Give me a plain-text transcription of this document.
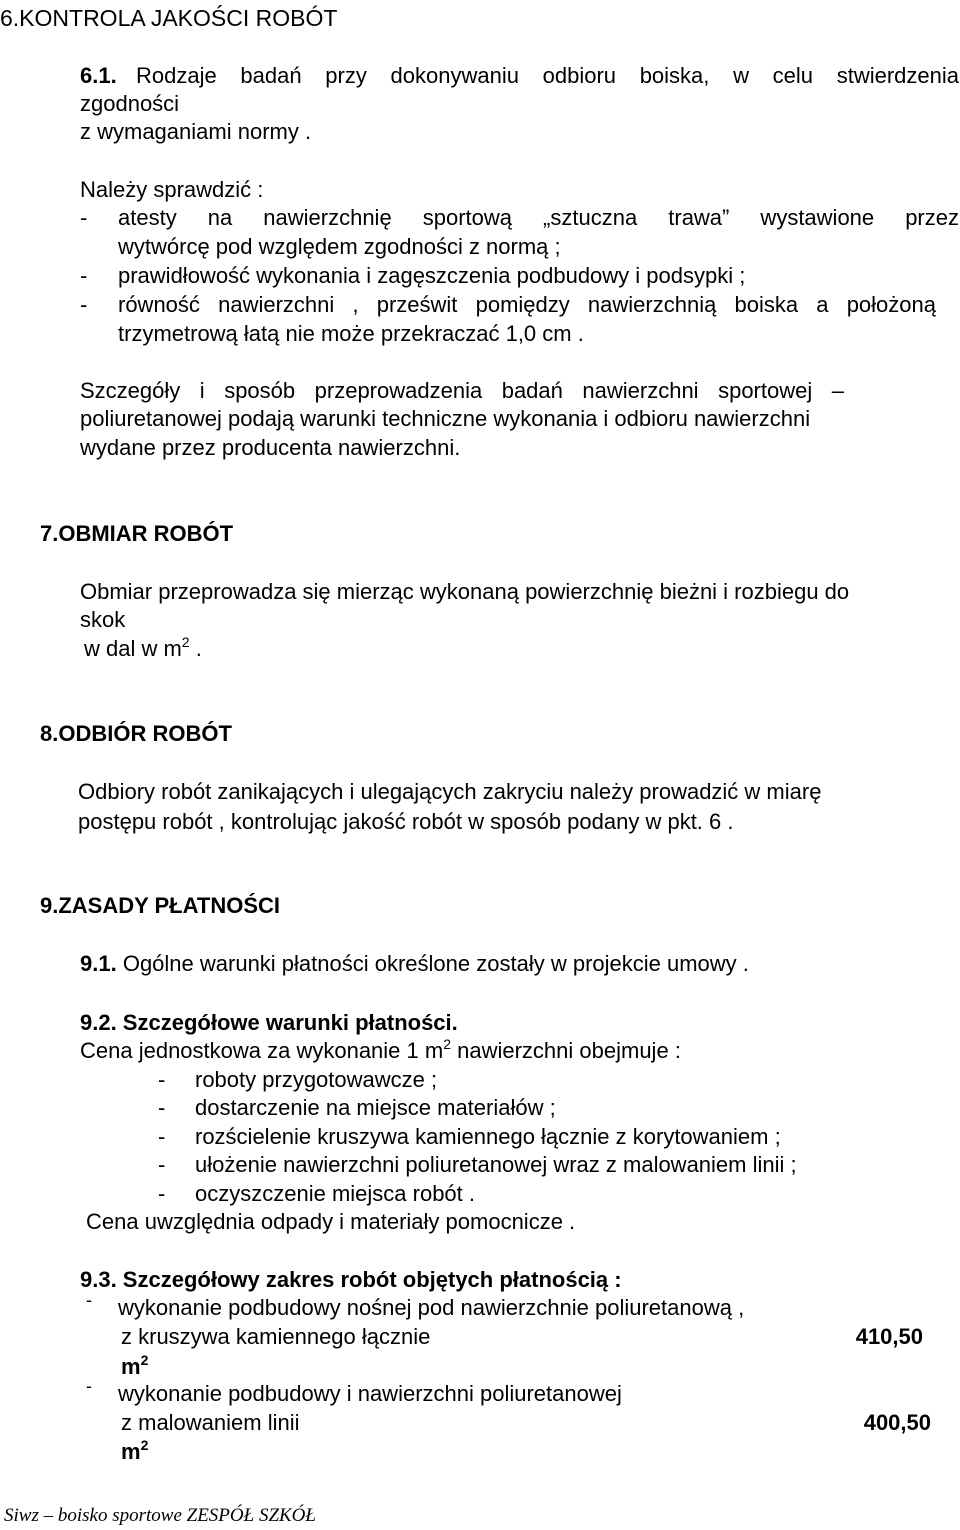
6.KONTROLA JAKOŚCI ROBÓT
6.1. Rodzaje badań przy dokonywaniu odbioru boiska, w celu stwierdzenia
zgodności
z wymaganiami normy .
Należy sprawdzić :
- atesty na nawierzchnię sportową „sztuczna trawa” wystawione przez
wytwórcę pod względem zgodności z normą ;
- prawidłowość wykonania i zagęszczenia podbudowy i podsypki ;
- równość nawierzchni , prześwit pomiędzy nawierzchnią boiska a położoną
trzymetrową łatą nie może przekraczać 1,0 cm .
Szczegóły i sposób przeprowadzenia badań nawierzchni sportowej –
poliuretanowej podają warunki techniczne wykonania i odbioru nawierzchni
wydane przez producenta nawierzchni.
7.OBMIAR ROBÓT
Obmiar przeprowadza się mierząc wykonaną powierzchnię bieżni i rozbiegu do
skok
w dal w $m^2$ .
8.ODBIÓR ROBÓT
Odbiory robót zanikających i ulegających zakryciu należy prowadzić w miarę
postępu robót , kontrolując jakość robót w sposób podany w pkt. 6 .
9.ZASADY PŁATNOŚCI
9.1. Ogólne warunki płatności określone zostały w projekcie umowy .
9.2. Szczegółowe warunki płatności.
Cena jednostkowa za wykonanie 1 $m^2$ nawierzchni obejmuje :
- roboty przygotowawcze ;
- dostarczenie na miejsce materiałów ;
- rozścielenie kruszywa kamiennego łącznie z korytowaniem ;
- ułożenie nawierzchni poliuretanowej wraz z malowaniem linii ;
- oczyszczenie miejsca robót .
Cena uwzględnia odpady i materiały pomocnicze .
9.3. Szczegółowy zakres robót objętych płatnością :
- wykonanie podbudowy nośnej pod nawierzchnie poliuretanową ,
z kruszywa kamiennego łącznie	410,50
$m^2$
- wykonanie podbudowy i nawierzchni poliuretanowej
z malowaniem linii	400,50
$m^2$
Siwz – boisko sportowe ZESPÓŁ SZKÓŁ
